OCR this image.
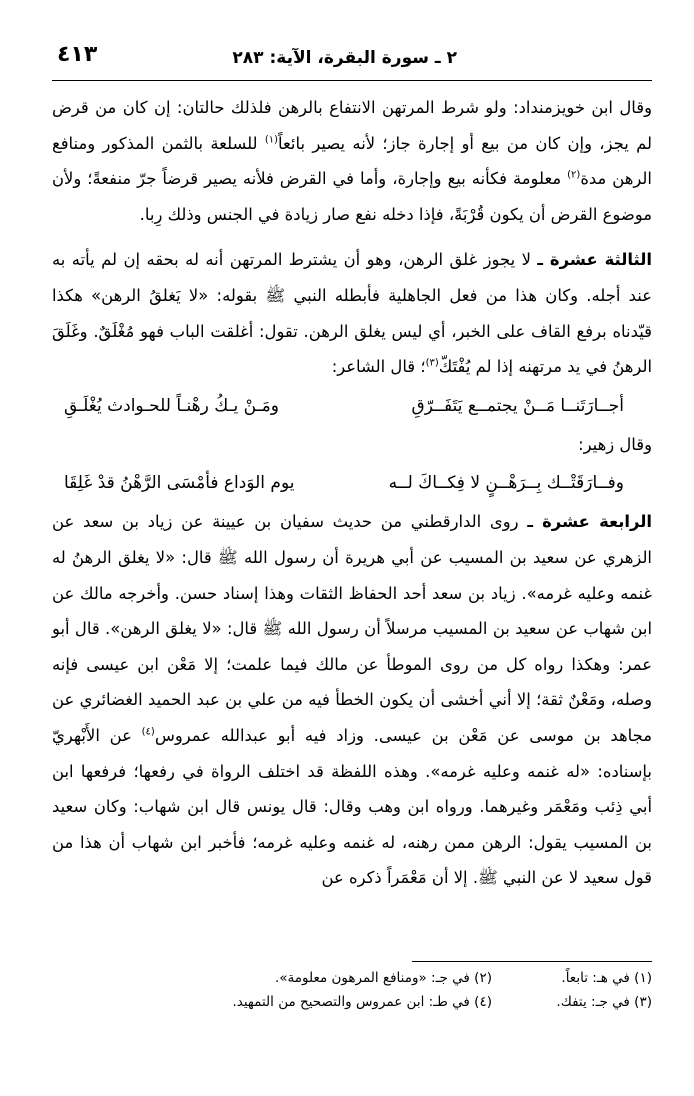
٢ ـ سورة البقرة، الآية: ٢٨٣
٤١٣

وقال ابن خويزمنداد: ولو شرط المرتهن الانتفاع بالرهن فلذلك حالتان: إن كان من قرض لم يجز، وإن كان من بيع أو إجارة جاز؛ لأنه يصير بائعاً$^{(١)}$ للسلعة بالثمن المذكور ومنافع الرهن مدة$^{(٢)}$ معلومة فكأنه بيع وإجارة، وأما في القرض فلأنه يصير قرضاً جرّ منفعةً؛ ولأن موضوع القرض أن يكون قُرْبَةً، فإذا دخله نفع صار زيادة في الجنس وذلك رِبا.

الثالثة عشرة ـ لا يجوز غلق الرهن، وهو أن يشترط المرتهن أنه له بحقه إن لم يأته به عند أجله. وكان هذا من فعل الجاهلية فأبطله النبي ﷺ بقوله: «لا يَغلقُ الرهن» هكذا قيّدناه برفع القاف على الخبر، أي ليس يغلق الرهن. تقول: أغلقت الباب فهو مُغْلَقٌ. وغَلَقَ الرهنُ في يد مرتهنه إذا لم يُفْتَكّ$^{(٣)}$؛ قال الشاعر:

أجــارَتَنــا مَــنْ يجتمــع يَتَفَــرّقِ
ومَـنْ يـكُ رهْنـاً للحـوادث يُغْلَـقِ

وقال زهير:

وفــارَقَتْــك بِــرَهْــنٍ لا فِكــاكَ لــه
يوم الوَداع فأمْسَى الرَّهْنُ قدْ غَلِقَا

الرابعة عشرة ـ روى الدارقطني من حديث سفيان بن عيينة عن زياد بن سعد عن الزهري عن سعيد بن المسيب عن أبي هريرة أن رسول الله ﷺ قال: «لا يغلق الرهنُ له غنمه وعليه غرمه». زياد بن سعد أحد الحفاظ الثقات وهذا إسناد حسن. وأخرجه مالك عن ابن شهاب عن سعيد بن المسيب مرسلاً أن رسول الله ﷺ قال: «لا يغلق الرهن». قال أبو عمر: وهكذا رواه كل من روى الموطأ عن مالك فيما علمت؛ إلا مَعْن ابن عيسى فإنه وصله، ومَعْنٌ ثقة؛ إلا أني أخشى أن يكون الخطأ فيه من علي بن عبد الحميد الغضائري عن مجاهد بن موسى عن مَعْن بن عيسى. وزاد فيه أبو عبدالله عمروس$^{(٤)}$ عن الأَبْهريّ بإسناده: «له غنمه وعليه غرمه». وهذه اللفظة قد اختلف الرواة في رفعها؛ فرفعها ابن أبي ذِئب ومَعْمَر وغيرهما. ورواه ابن وهب وقال: قال يونس قال ابن شهاب: وكان سعيد بن المسيب يقول: الرهن ممن رهنه، له غنمه وعليه غرمه؛ فأخبر ابن شهاب أن هذا من قول سعيد لا عن النبي ﷺ. إلا أن مَعْمَراً ذكره عن

(١) في هـ: تابعاً.
(٢) في جـ: «ومنافع المرهون معلومة».
(٣) في جـ: يتفك.
(٤) في طـ: ابن عمروس والتصحيح من التمهيد.
